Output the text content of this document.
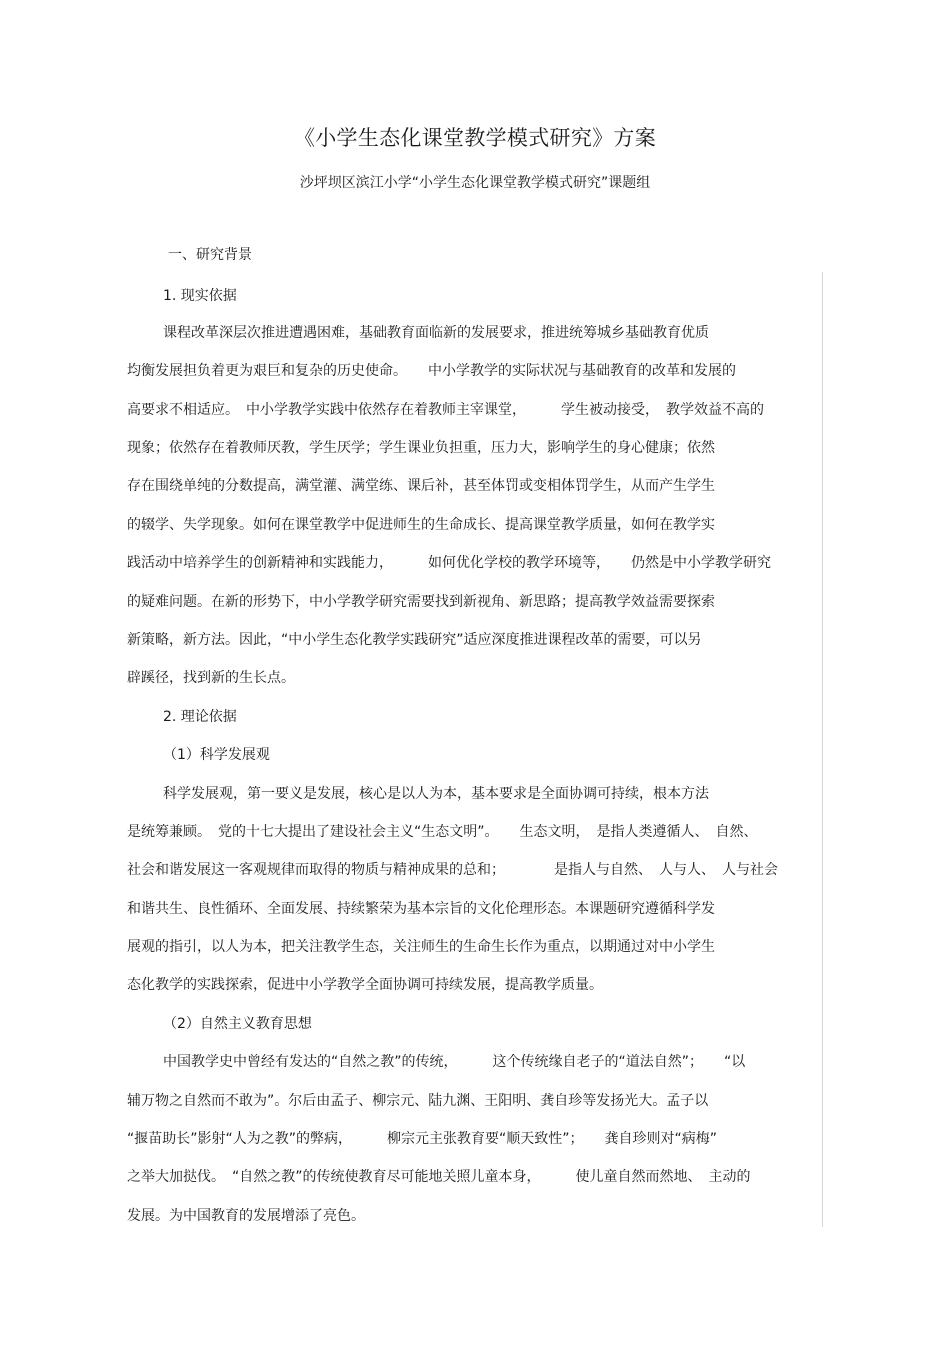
《小学生态化课堂教学模式研究》方案
沙坪坝区滨江小学“小学生态化课堂教学模式研究”课题组
一、研究背景
1. 现实依据
课程改革深层次推进遭遇困难，基础教育面临新的发展要求，推进统筹城乡基础教育优质
均衡发展担负着更为艰巨和复杂的历史使命。　　中小学教学的实际状况与基础教育的改革和发展的
高要求不相适应。　中小学教学实践中依然存在着教师主宰课堂，　　　学生被动接受，　教学效益不高的
现象；依然存在着教师厌教，学生厌学；学生课业负担重，压力大，影响学生的身心健康；依然
存在围绕单纯的分数提高，满堂灌、满堂练、课后补，甚至体罚或变相体罚学生，从而产生学生
的辍学、失学现象。如何在课堂教学中促进师生的生命成长、提高课堂教学质量，如何在教学实
践活动中培养学生的创新精神和实践能力，　　　如何优化学校的教学环境等，　　仍然是中小学教学研究
的疑难问题。在新的形势下，中小学教学研究需要找到新视角、新思路；提高教学效益需要探索
新策略，新方法。因此，“中小学生态化教学实践研究”适应深度推进课程改革的需要，可以另
辟蹊径，找到新的生长点。
2. 理论依据
（1）科学发展观
科学发展观，第一要义是发展，核心是以人为本，基本要求是全面协调可持续，根本方法
是统筹兼顾。　党的十七大提出了建设社会主义“生态文明”。　　生态文明，　是指人类遵循人、　自然、
社会和谐发展这一客观规律而取得的物质与精神成果的总和；　　　　是指人与自然、　人与人、　人与社会
和谐共生、良性循环、全面发展、持续繁荣为基本宗旨的文化伦理形态。本课题研究遵循科学发
展观的指引，以人为本，把关注教学生态，关注师生的生命生长作为重点，以期通过对中小学生
态化教学的实践探索，促进中小学教学全面协调可持续发展，提高教学质量。
（2）自然主义教育思想
中国教学史中曾经有发达的“自然之教”的传统，　　　这个传统缘自老子的“道法自然”；　　“以
辅万物之自然而不敢为”。尔后由孟子、柳宗元、陆九渊、王阳明、龚自珍等发扬光大。孟子以
“揠苗助长”影射“人为之教”的弊病，　　　柳宗元主张教育要“顺天致性”；　　龚自珍则对“病梅”
之举大加挞伐。　“自然之教”的传统使教育尽可能地关照儿童本身，　　　使儿童自然而然地、　主动的
发展。为中国教育的发展增添了亮色。
